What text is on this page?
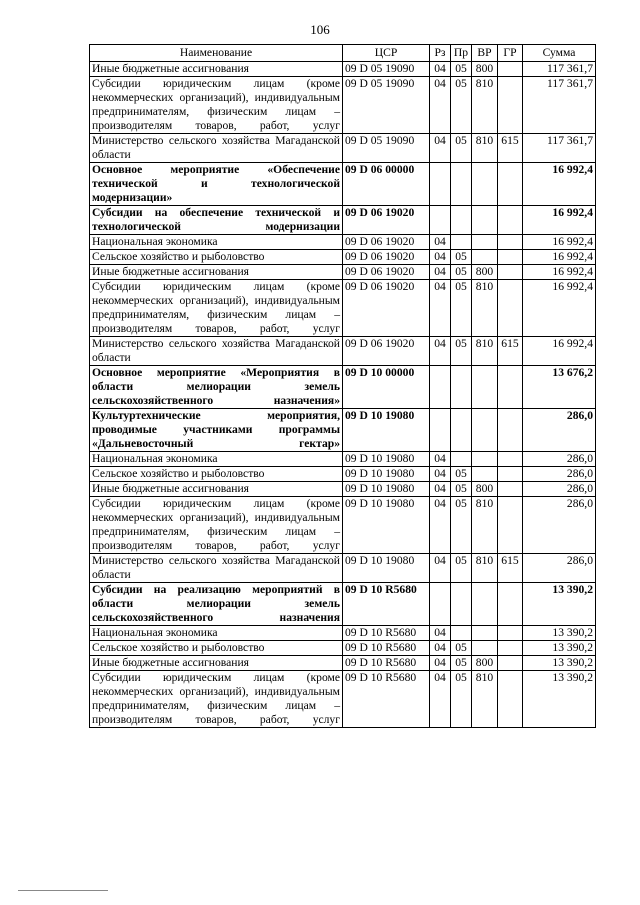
106
Наименование	ЦСР	Рз	Пр	ВР	ГР	Сумма
Иные бюджетные ассигнования	09 D 05 19090	04	05	800		117 361,7
Субсидии юридическим лицам (кроме некоммерческих организаций), индивидуальным предпринимателям, физическим лицам – производителям товаров, работ, услуг	09 D 05 19090	04	05	810		117 361,7
Министерство сельского хозяйства Магаданской области	09 D 05 19090	04	05	810	615	117 361,7
Основное мероприятие «Обеспечение технической и технологической модернизации»	09 D 06 00000					16 992,4
Субсидии на обеспечение технической и технологической модернизации	09 D 06 19020					16 992,4
Национальная экономика	09 D 06 19020	04				16 992,4
Сельское хозяйство и рыболовство	09 D 06 19020	04	05			16 992,4
Иные бюджетные ассигнования	09 D 06 19020	04	05	800		16 992,4
Субсидии юридическим лицам (кроме некоммерческих организаций), индивидуальным предпринимателям, физическим лицам – производителям товаров, работ, услуг	09 D 06 19020	04	05	810		16 992,4
Министерство сельского хозяйства Магаданской области	09 D 06 19020	04	05	810	615	16 992,4
Основное мероприятие «Мероприятия в области мелиорации земель сельскохозяйственного назначения»	09 D 10 00000					13 676,2
Культуртехнические мероприятия, проводимые участниками программы «Дальневосточный гектар»	09 D 10 19080					286,0
Национальная экономика	09 D 10 19080	04				286,0
Сельское хозяйство и рыболовство	09 D 10 19080	04	05			286,0
Иные бюджетные ассигнования	09 D 10 19080	04	05	800		286,0
Субсидии юридическим лицам (кроме некоммерческих организаций), индивидуальным предпринимателям, физическим лицам – производителям товаров, работ, услуг	09 D 10 19080	04	05	810		286,0
Министерство сельского хозяйства Магаданской области	09 D 10 19080	04	05	810	615	286,0
Субсидии на реализацию мероприятий в области мелиорации земель сельскохозяйственного назначения	09 D 10 R5680					13 390,2
Национальная экономика	09 D 10 R5680	04				13 390,2
Сельское хозяйство и рыболовство	09 D 10 R5680	04	05			13 390,2
Иные бюджетные ассигнования	09 D 10 R5680	04	05	800		13 390,2
Субсидии юридическим лицам (кроме некоммерческих организаций), индивидуальным предпринимателям, физическим лицам – производителям товаров, работ, услуг	09 D 10 R5680	04	05	810		13 390,2
